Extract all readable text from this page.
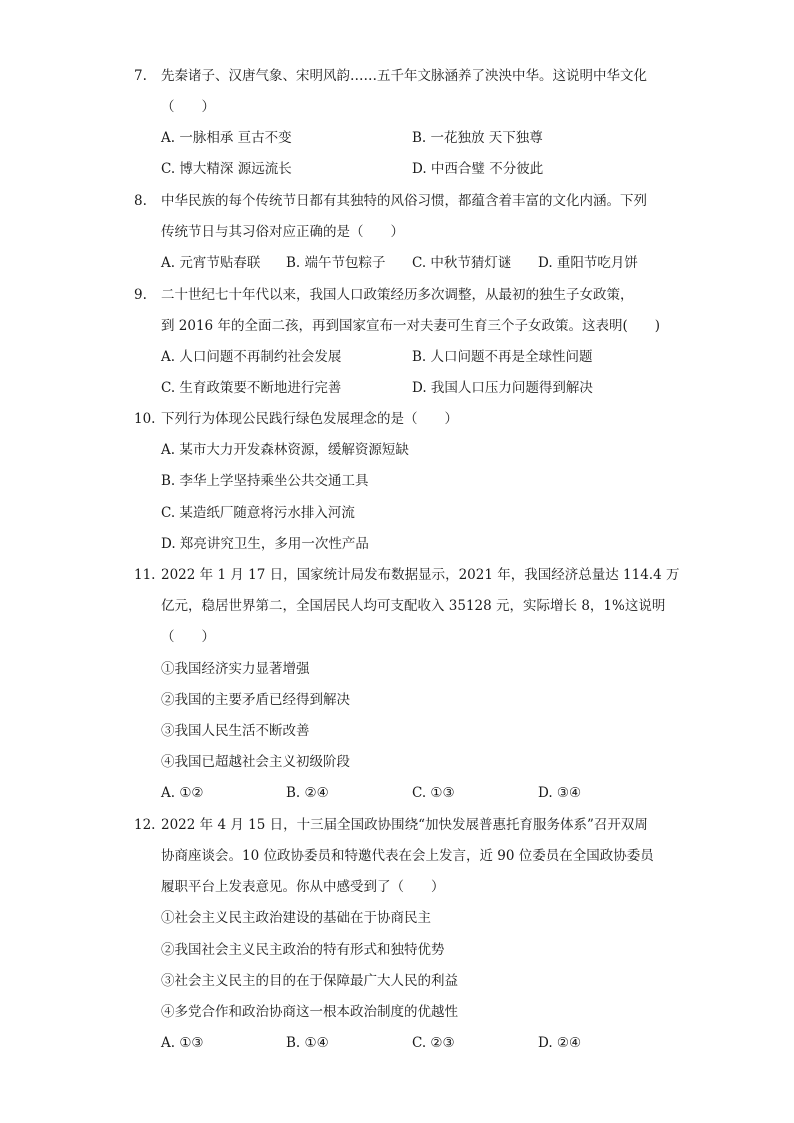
7. 先秦诸子、汉唐气象、宋明风韵……五千年文脉涵养了泱泱中华。这说明中华文化
（　　）
A. 一脉相承 亘古不变	B. 一花独放 天下独尊
C. 博大精深 源远流长	D. 中西合璧 不分彼此
8. 中华民族的每个传统节日都有其独特的风俗习惯，都蕴含着丰富的文化内涵。下列
传统节日与其习俗对应正确的是（　　）
A. 元宵节贴春联 B. 端午节包粽子 C. 中秋节猜灯谜 D. 重阳节吃月饼
9. 二十世纪七十年代以来，我国人口政策经历多次调整，从最初的独生子女政策，
到 2016 年的全面二孩，再到国家宣布一对夫妻可生育三个子女政策。这表明(　　)
A. 人口问题不再制约社会发展	B. 人口问题不再是全球性问题
C. 生育政策要不断地进行完善	D. 我国人口压力问题得到解决
10. 下列行为体现公民践行绿色发展理念的是（　　）
A. 某市大力开发森林资源，缓解资源短缺
B. 李华上学坚持乘坐公共交通工具
C. 某造纸厂随意将污水排入河流
D. 郑亮讲究卫生，多用一次性产品
11. 2022 年 1 月 17 日，国家统计局发布数据显示，2021 年，我国经济总量达 114.4 万
亿元，稳居世界第二，全国居民人均可支配收入 35128 元，实际增长 8，1%这说明
（　　）
①我国经济实力显著增强
②我国的主要矛盾已经得到解决
③我国人民生活不断改善
④我国已超越社会主义初级阶段
A. ①②	B. ②④	C. ①③	D. ③④
12. 2022 年 4 月 15 日，十三届全国政协围绕“加快发展普惠托育服务体系”召开双周
协商座谈会。10 位政协委员和特邀代表在会上发言，近 90 位委员在全国政协委员
履职平台上发表意见。你从中感受到了（　　）
①社会主义民主政治建设的基础在于协商民主
②我国社会主义民主政治的特有形式和独特优势
③社会主义民主的目的在于保障最广大人民的利益
④多党合作和政治协商这一根本政治制度的优越性
A. ①③	B. ①④	C. ②③	D. ②④
